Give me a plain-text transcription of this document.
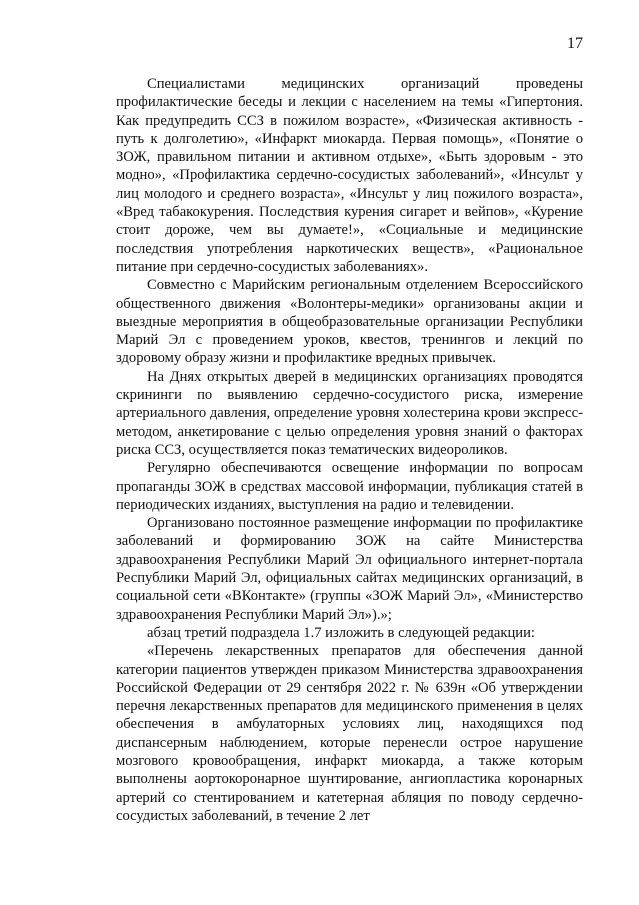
17

Специалистами медицинских организаций проведены профилактические беседы и лекции с населением на темы «Гипертония. Как предупредить ССЗ в пожилом возрасте», «Физическая активность - путь к долголетию», «Инфаркт миокарда. Первая помощь», «Понятие о ЗОЖ, правильном питании и активном отдыхе», «Быть здоровым - это модно», «Профилактика сердечно-сосудистых заболеваний», «Инсульт у лиц молодого и среднего возраста», «Инсульт у лиц пожилого возраста», «Вред табакокурения. Последствия курения сигарет и вейпов», «Курение стоит дороже, чем вы думаете!», «Социальные и медицинские последствия употребления наркотических веществ», «Рациональное питание при сердечно-сосудистых заболеваниях».

Совместно с Марийским региональным отделением Всероссийского общественного движения «Волонтеры-медики» организованы акции и выездные мероприятия в общеобразовательные организации Республики Марий Эл с проведением уроков, квестов, тренингов и лекций по здоровому образу жизни и профилактике вредных привычек.

На Днях открытых дверей в медицинских организациях проводятся скрининги по выявлению сердечно-сосудистого риска, измерение артериального давления, определение уровня холестерина крови экспресс-методом, анкетирование с целью определения уровня знаний о факторах риска ССЗ, осуществляется показ тематических видеороликов.

Регулярно обеспечиваются освещение информации по вопросам пропаганды ЗОЖ в средствах массовой информации, публикация статей в периодических изданиях, выступления на радио и телевидении.

Организовано постоянное размещение информации по профилактике заболеваний и формированию ЗОЖ на сайте Министерства здравоохранения Республики Марий Эл официального интернет-портала Республики Марий Эл, официальных сайтах медицинских организаций, в социальной сети «ВКонтакте» (группы «ЗОЖ Марий Эл», «Министерство здравоохранения Республики Марий Эл»).»;

абзац третий подраздела 1.7 изложить в следующей редакции:

«Перечень лекарственных препаратов для обеспечения данной категории пациентов утвержден приказом Министерства здравоохранения Российской Федерации от 29 сентября 2022 г. № 639н «Об утверждении перечня лекарственных препаратов для медицинского применения в целях обеспечения в амбулаторных условиях лиц, находящихся под диспансерным наблюдением, которые перенесли острое нарушение мозгового кровообращения, инфаркт миокарда, а также которым выполнены аортокоронарное шунтирование, ангиопластика коронарных артерий со стентированием и катетерная абляция по поводу сердечно-сосудистых заболеваний, в течение 2 лет
